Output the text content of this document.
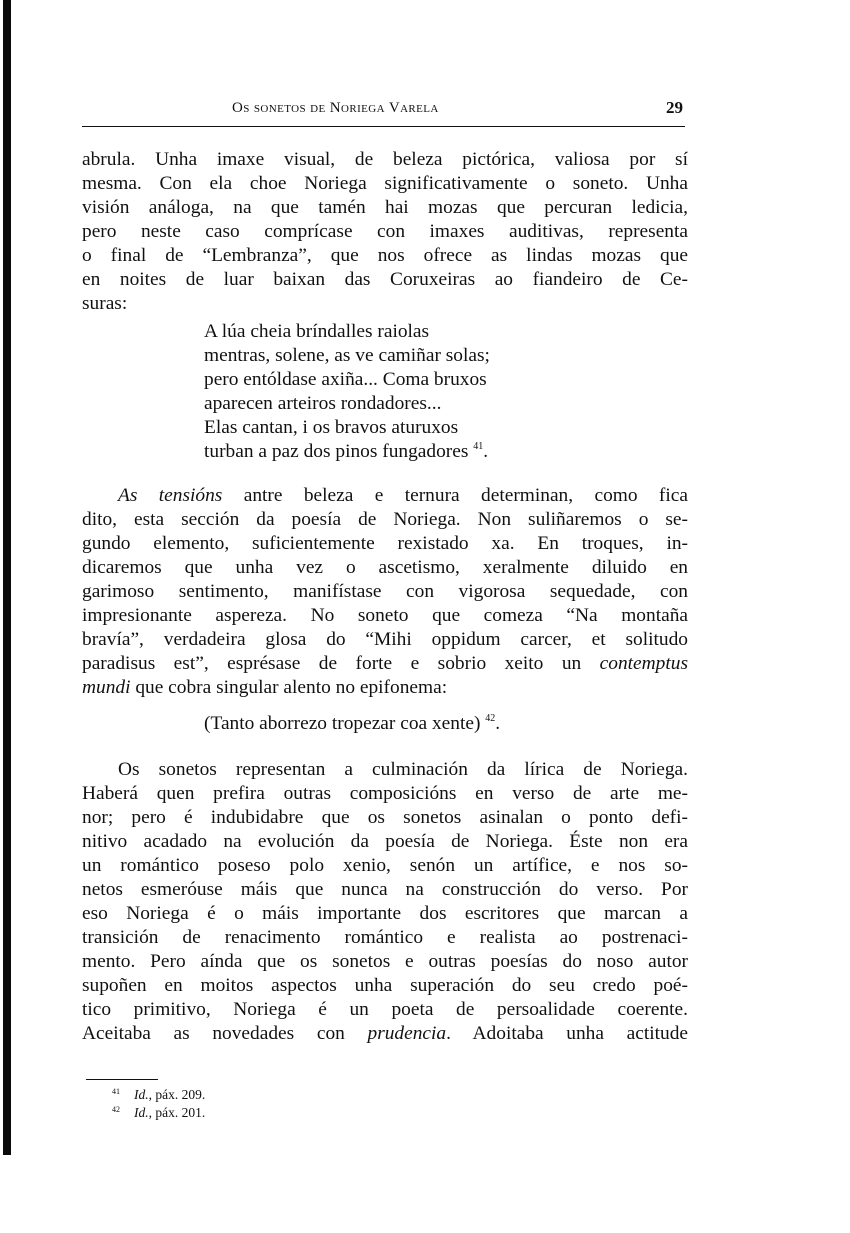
Os sonetos de Noriega Varela	29
abrula. Unha imaxe visual, de beleza pictórica, valiosa por sí
mesma. Con ela choe Noriega significativamente o soneto. Unha
visión análoga, na que tamén hai mozas que percuran ledicia,
pero neste caso comprícase con imaxes auditivas, representa
o final de “Lembranza”, que nos ofrece as lindas mozas que
en noites de luar baixan das Coruxeiras ao fiandeiro de Ce-
suras:
A lúa cheia bríndalles raiolas
mentras, solene, as ve camiñar solas;
pero entóldase axiña... Coma bruxos
aparecen arteiros rondadores...
Elas cantan, i os bravos aturuxos
turban a paz dos pinos fungadores $^{41}$.
As tensións antre beleza e ternura determinan, como fica
dito, esta sección da poesía de Noriega. Non suliñaremos o se-
gundo elemento, suficientemente rexistado xa. En troques, in-
dicaremos que unha vez o ascetismo, xeralmente diluido en
garimoso sentimento, manifístase con vigorosa sequedade, con
impresionante aspereza. No soneto que comeza “Na montaña
bravía”, verdadeira glosa do “Mihi oppidum carcer, et solitudo
paradisus est”, esprésase de forte e sobrio xeito un contemptus
mundi que cobra singular alento no epifonema:
(Tanto aborrezo tropezar coa xente) $^{42}$.
Os sonetos representan a culminación da lírica de Noriega.
Haberá quen prefira outras composicións en verso de arte me-
nor; pero é indubidabre que os sonetos asinalan o ponto defi-
nitivo acadado na evolución da poesía de Noriega. Éste non era
un romántico poseso polo xenio, senón un artífice, e nos so-
netos esmeróuse máis que nunca na construcción do verso. Por
eso Noriega é o máis importante dos escritores que marcan a
transición de renacimento romántico e realista ao postrenaci-
mento. Pero aínda que os sonetos e outras poesías do noso autor
supoñen en moitos aspectos unha superación do seu credo poé-
tico primitivo, Noriega é un poeta de persoalidade coerente.
Aceitaba as novedades con prudencia. Adoitaba unha actitude
41 Id., páx. 209.
42 Id., páx. 201.
